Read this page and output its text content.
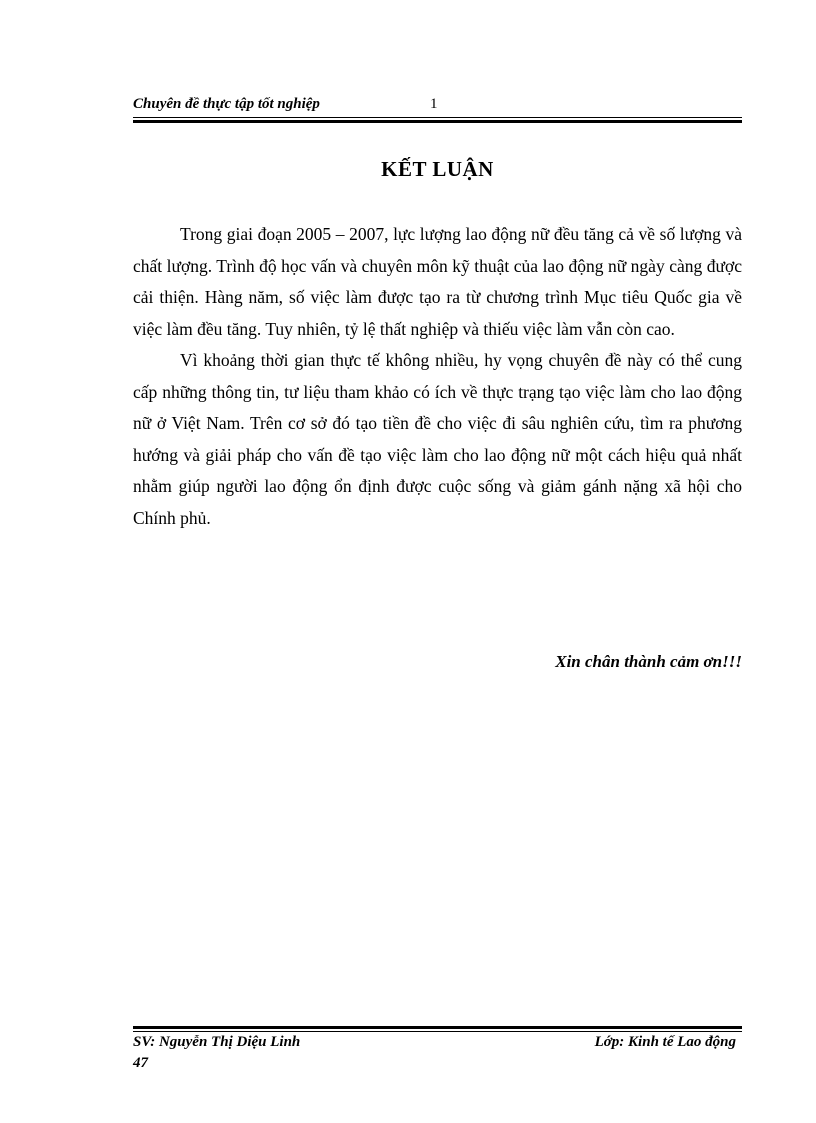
Chuyên đề thực tập tốt nghiệp	1
KẾT LUẬN

Trong giai đoạn 2005 – 2007, lực lượng lao động nữ đều tăng cả về số lượng và chất lượng. Trình độ học vấn và chuyên môn kỹ thuật của lao động nữ ngày càng được cải thiện. Hàng năm, số việc làm được tạo ra từ chương trình Mục tiêu Quốc gia về việc làm đều tăng. Tuy nhiên, tỷ lệ thất nghiệp và thiếu việc làm vẫn còn cao.

Vì khoảng thời gian thực tế không nhiều, hy vọng chuyên đề này có thể cung cấp những thông tin, tư liệu tham khảo có ích về thực trạng tạo việc làm cho lao động nữ ở Việt Nam. Trên cơ sở đó tạo tiền đề cho việc đi sâu nghiên cứu, tìm ra phương hướng và giải pháp cho vấn đề tạo việc làm cho lao động nữ một cách hiệu quả nhất nhằm giúp người lao động ổn định được cuộc sống và giảm gánh nặng xã hội cho Chính phủ.

Xin chân thành cảm ơn!!!
SV: Nguyễn Thị Diệu Linh	Lớp: Kinh tế Lao động
47
